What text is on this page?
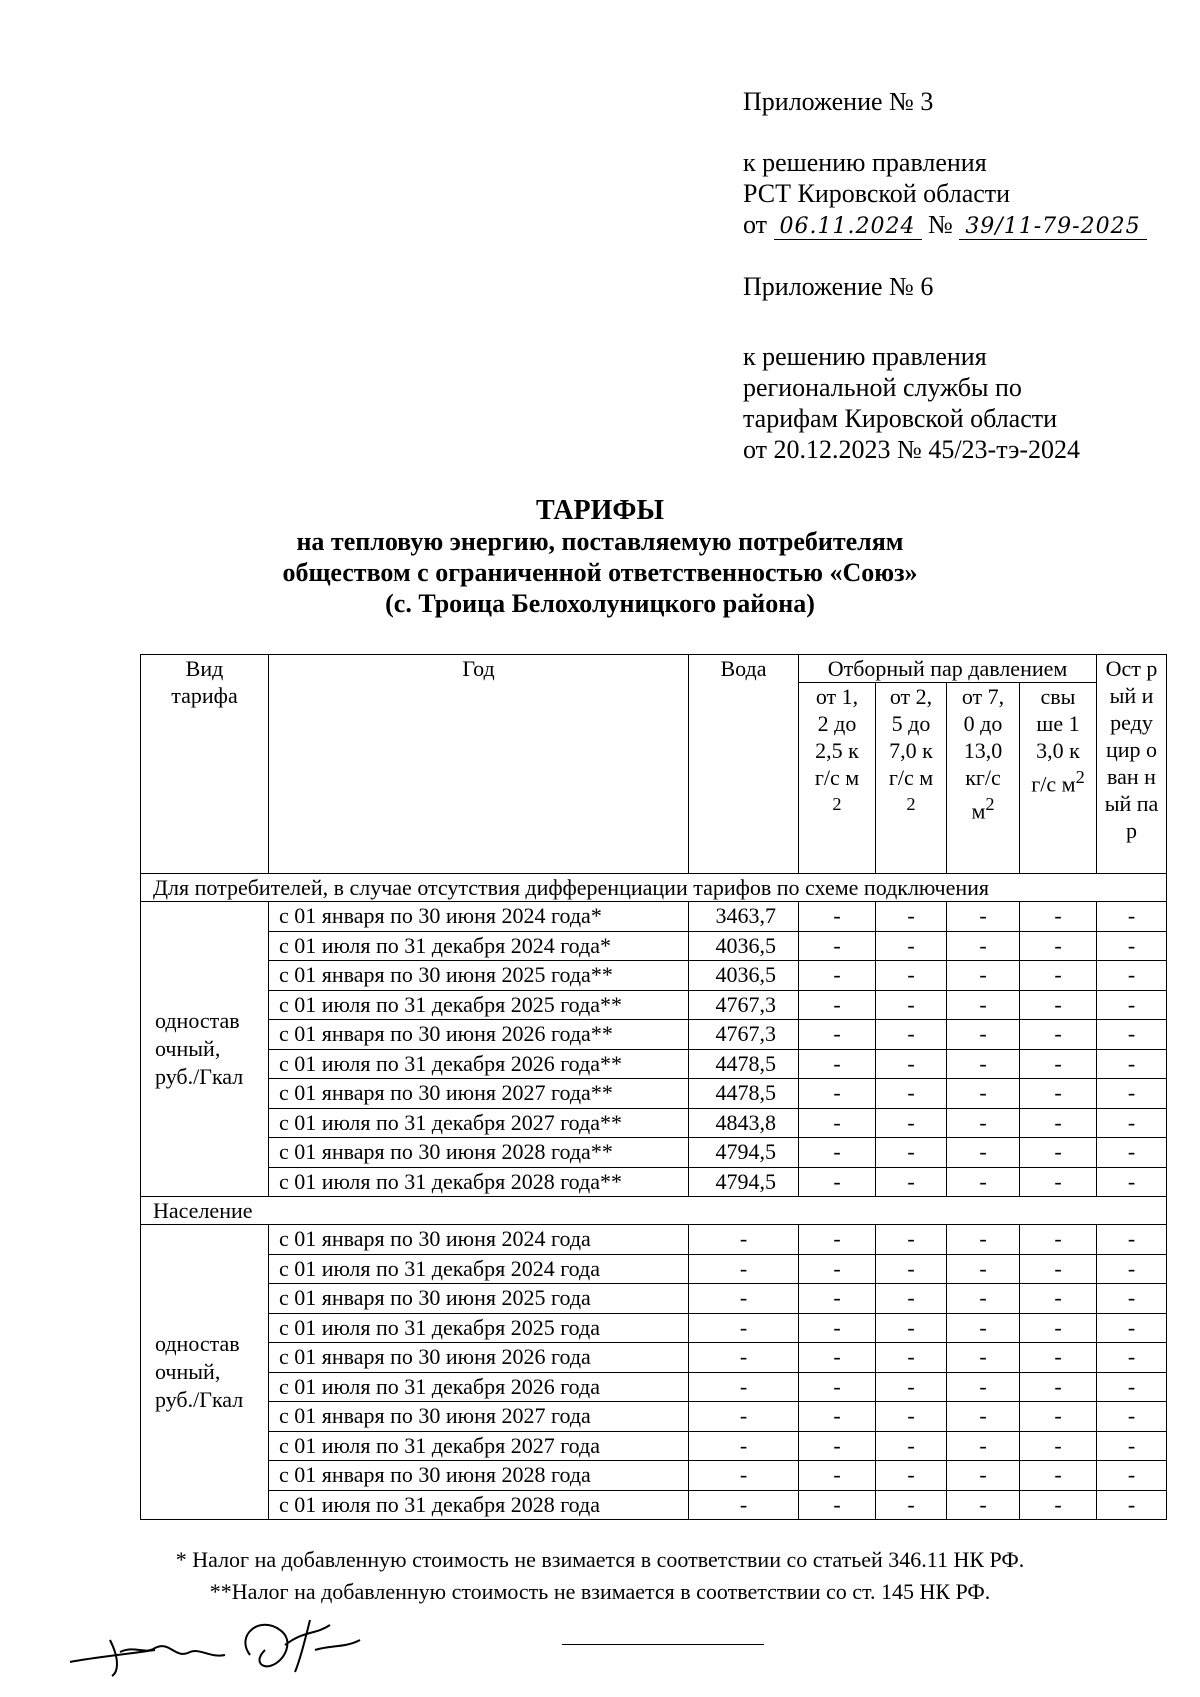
Приложение № 3
к решению правления
РСТ Кировской области
от 06.11.2024 № 39/11-79-2025
Приложение № 6
к решению правления
региональной службы по
тарифам Кировской области
от 20.12.2023 № 45/23-тэ-2024
ТАРИФЫ
на тепловую энергию, поставляемую потребителям
обществом с ограниченной ответственностью «Союз»
(с. Троица Белохолуницкого района)
Вид тарифа	Год	Вода	Отборный пар давлением				Ост рый и реду цир ован ный пар
			от 1,2 до 2,5 кг/с $м^2$	от 2,5 до 7,0 кг/с $м^2$	от 7,0 до 13,0 кг/с $м^2$	свы ше 13,0 кг/с $м^2$
Для потребителей, в случае отсутствия дифференциации тарифов по схеме подключения							
одностав очный, руб./Гкал	с 01 января по 30 июня 2024 года*	3463,7	-	-	-	-	-
	с 01 июля по 31 декабря 2024 года*	4036,5	-	-	-	-	-
	с 01 января по 30 июня 2025 года**	4036,5	-	-	-	-	-
	с 01 июля по 31 декабря 2025 года**	4767,3	-	-	-	-	-
	с 01 января по 30 июня 2026 года**	4767,3	-	-	-	-	-
	с 01 июля по 31 декабря 2026 года**	4478,5	-	-	-	-	-
	с 01 января по 30 июня 2027 года**	4478,5	-	-	-	-	-
	с 01 июля по 31 декабря 2027 года**	4843,8	-	-	-	-	-
	с 01 января по 30 июня 2028 года**	4794,5	-	-	-	-	-
	с 01 июля по 31 декабря 2028 года**	4794,5	-	-	-	-	-
Население							
одностав очный, руб./Гкал	с 01 января по 30 июня 2024 года	-	-	-	-	-	-
	с 01 июля по 31 декабря 2024 года	-	-	-	-	-	-
	с 01 января по 30 июня 2025 года	-	-	-	-	-	-
	с 01 июля по 31 декабря 2025 года	-	-	-	-	-	-
	с 01 января по 30 июня 2026 года	-	-	-	-	-	-
	с 01 июля по 31 декабря 2026 года	-	-	-	-	-	-
	с 01 января по 30 июня 2027 года	-	-	-	-	-	-
	с 01 июля по 31 декабря 2027 года	-	-	-	-	-	-
	с 01 января по 30 июня 2028 года	-	-	-	-	-	-
	с 01 июля по 31 декабря 2028 года	-	-	-	-	-	-
* Налог на добавленную стоимость не взимается в соответствии со статьей 346.11 НК РФ.
**Налог на добавленную стоимость не взимается в соответствии со ст. 145 НК РФ.
